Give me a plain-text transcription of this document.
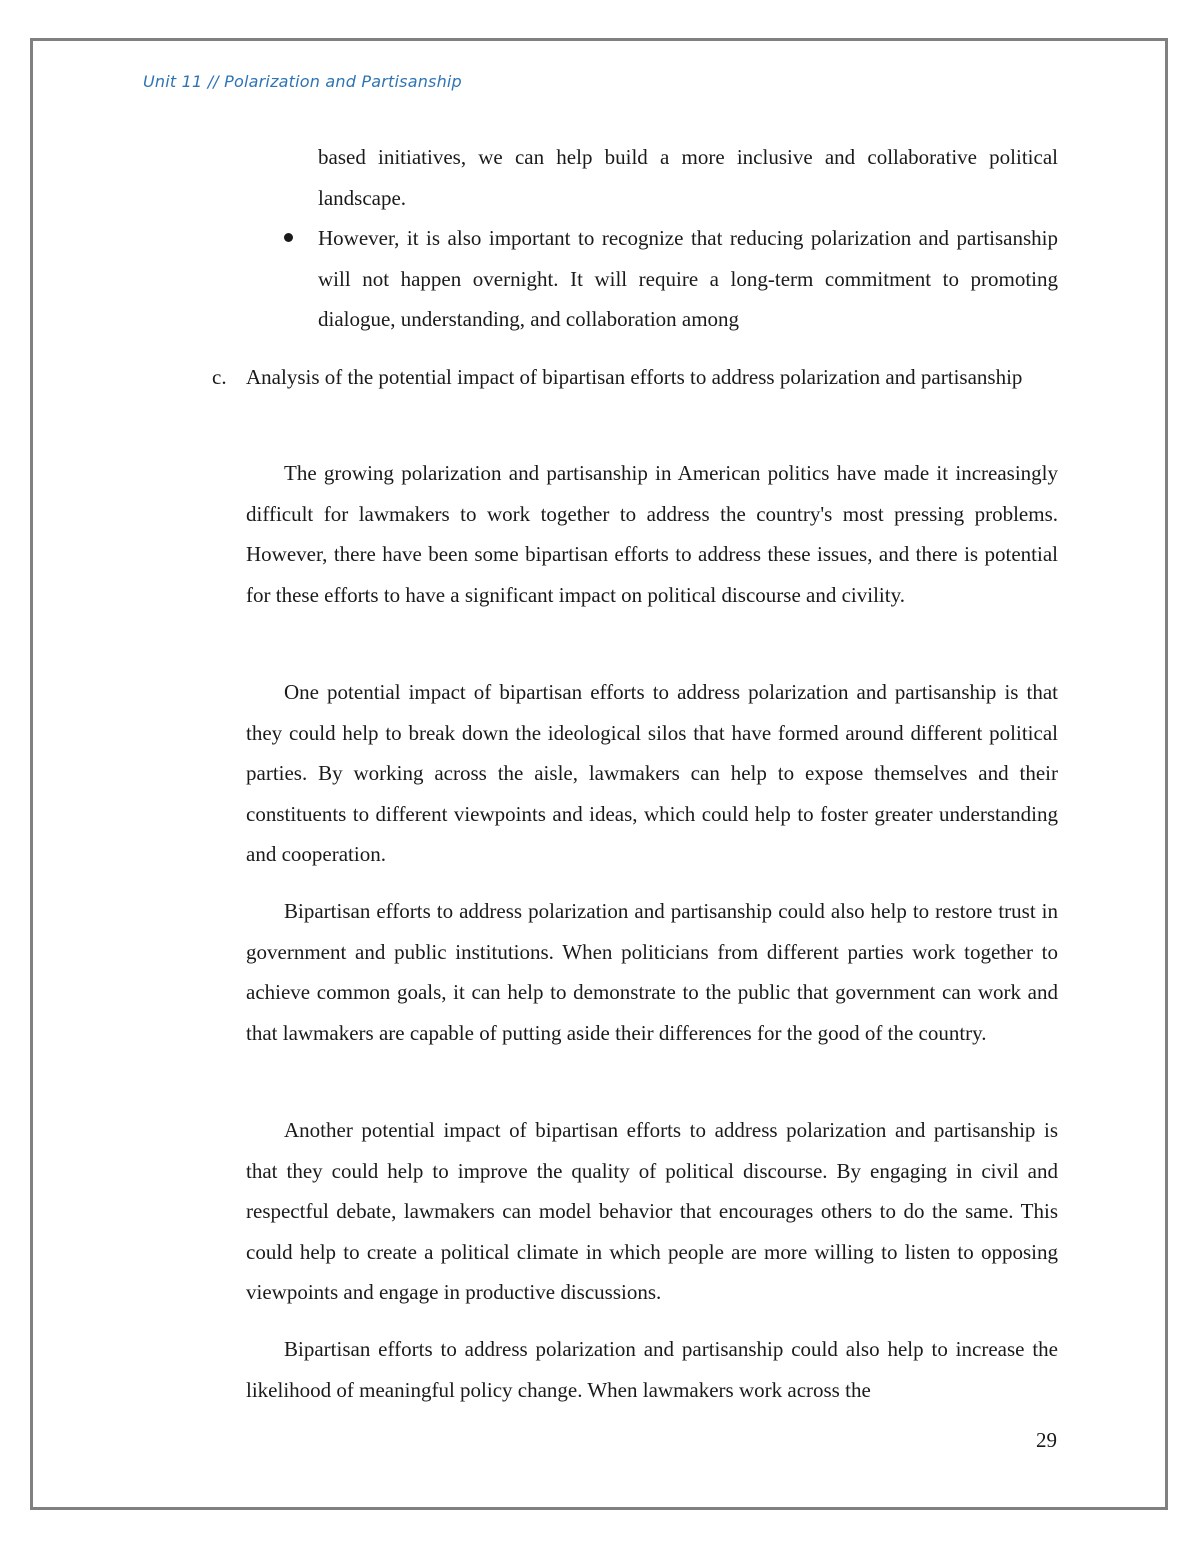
Unit 11 // Polarization and Partisanship
based initiatives, we can help build a more inclusive and collaborative political landscape.
However, it is also important to recognize that reducing polarization and partisanship will not happen overnight. It will require a long-term commitment to promoting dialogue, understanding, and collaboration among
c. Analysis of the potential impact of bipartisan efforts to address polarization and partisanship
The growing polarization and partisanship in American politics have made it increasingly difficult for lawmakers to work together to address the country's most pressing problems. However, there have been some bipartisan efforts to address these issues, and there is potential for these efforts to have a significant impact on political discourse and civility.
One potential impact of bipartisan efforts to address polarization and partisanship is that they could help to break down the ideological silos that have formed around different political parties. By working across the aisle, lawmakers can help to expose themselves and their constituents to different viewpoints and ideas, which could help to foster greater understanding and cooperation.
Bipartisan efforts to address polarization and partisanship could also help to restore trust in government and public institutions. When politicians from different parties work together to achieve common goals, it can help to demonstrate to the public that government can work and that lawmakers are capable of putting aside their differences for the good of the country.
Another potential impact of bipartisan efforts to address polarization and partisanship is that they could help to improve the quality of political discourse. By engaging in civil and respectful debate, lawmakers can model behavior that encourages others to do the same. This could help to create a political climate in which people are more willing to listen to opposing viewpoints and engage in productive discussions.
Bipartisan efforts to address polarization and partisanship could also help to increase the likelihood of meaningful policy change. When lawmakers work across the
29
